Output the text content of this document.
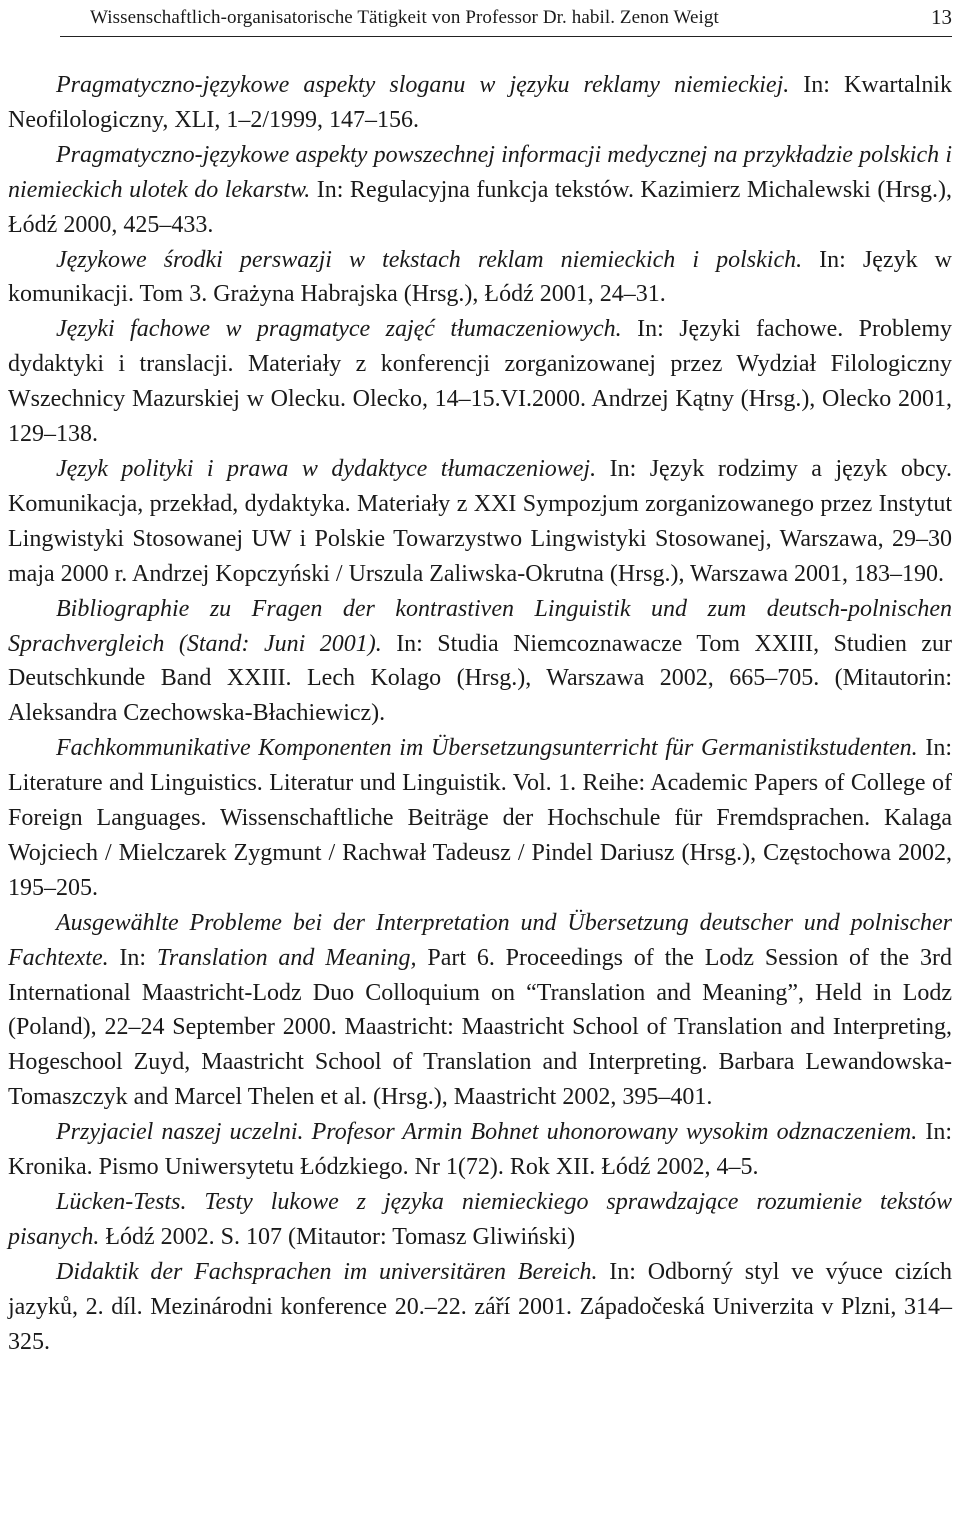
Wissenschaftlich-organisatorische Tätigkeit von Professor Dr. habil. Zenon Weigt	13

Pragmatyczno-językowe aspekty sloganu w języku reklamy niemieckiej. In: Kwartalnik Neofilologiczny, XLI, 1–2/1999, 147–156.

Pragmatyczno-językowe aspekty powszechnej informacji medycznej na przykładzie polskich i niemieckich ulotek do lekarstw. In: Regulacyjna funkcja tekstów. Kazimierz Michalewski (Hrsg.), Łódź 2000, 425–433.

Językowe środki perswazji w tekstach reklam niemieckich i polskich. In: Język w komunikacji. Tom 3. Grażyna Habrajska (Hrsg.), Łódź 2001, 24–31.

Języki fachowe w pragmatyce zajęć tłumaczeniowych. In: Języki fachowe. Problemy dydaktyki i translacji. Materiały z konferencji zorganizowanej przez Wydział Filologiczny Wszechnicy Mazurskiej w Olecku. Olecko, 14–15.VI.2000. Andrzej Kątny (Hrsg.), Olecko 2001, 129–138.

Język polityki i prawa w dydaktyce tłumaczeniowej. In: Język rodzimy a język obcy. Komunikacja, przekład, dydaktyka. Materiały z XXI Sympozjum zorganizowanego przez Instytut Lingwistyki Stosowanej UW i Polskie Towarzystwo Lingwistyki Stosowanej, Warszawa, 29–30 maja 2000 r. Andrzej Kopczyński / Urszula Zaliwska-Okrutna (Hrsg.), Warszawa 2001, 183–190.

Bibliographie zu Fragen der kontrastiven Linguistik und zum deutsch-polnischen Sprachvergleich (Stand: Juni 2001). In: Studia Niemcoznawacze Tom XXIII, Studien zur Deutschkunde Band XXIII. Lech Kolago (Hrsg.), Warszawa 2002, 665–705. (Mitautorin: Aleksandra Czechowska-Błachiewicz).

Fachkommunikative Komponenten im Übersetzungsunterricht für Germanistikstudenten. In: Literature and Linguistics. Literatur und Linguistik. Vol. 1. Reihe: Academic Papers of College of Foreign Languages. Wissenschaftliche Beiträge der Hochschule für Fremdsprachen. Kalaga Wojciech / Mielczarek Zygmunt / Rachwał Tadeusz / Pindel Dariusz (Hrsg.), Częstochowa 2002, 195–205.

Ausgewählte Probleme bei der Interpretation und Übersetzung deutscher und polnischer Fachtexte. In: Translation and Meaning, Part 6. Proceedings of the Lodz Session of the 3rd International Maastricht-Lodz Duo Colloquium on “Translation and Meaning”, Held in Lodz (Poland), 22–24 September 2000. Maastricht: Maastricht School of Translation and Interpreting, Hogeschool Zuyd, Maastricht School of Translation and Interpreting. Barbara Lewandowska-Tomaszczyk and Marcel Thelen et al. (Hrsg.), Maastricht 2002, 395–401.

Przyjaciel naszej uczelni. Profesor Armin Bohnet uhonorowany wysokim odznaczeniem. In: Kronika. Pismo Uniwersytetu Łódzkiego. Nr 1(72). Rok XII. Łódź 2002, 4–5.

Lücken-Tests. Testy lukowe z języka niemieckiego sprawdzające rozumienie tekstów pisanych. Łódź 2002. S. 107 (Mitautor: Tomasz Gliwiński)

Didaktik der Fachsprachen im universitären Bereich. In: Odborný styl ve výuce cizích jazyků, 2. díl. Mezinárodni konference 20.–22. září 2001. Západočeská Univerzita v Plzni, 314–325.
